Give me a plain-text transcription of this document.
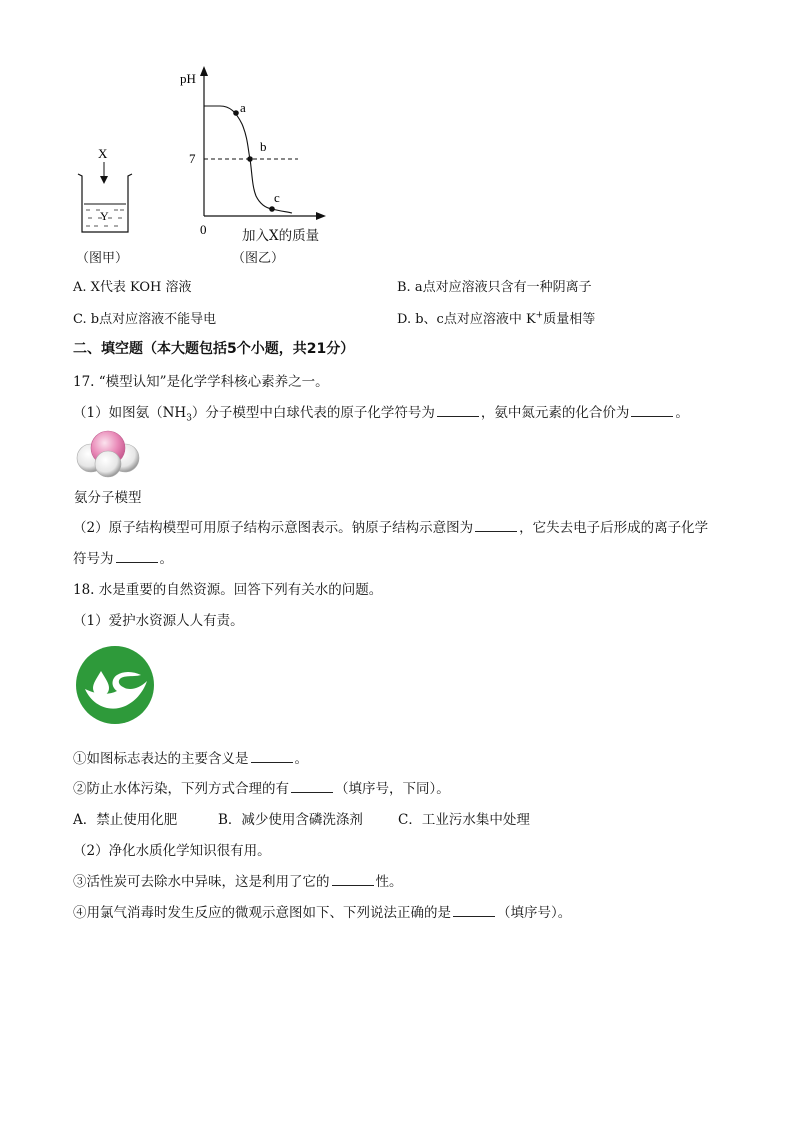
X
Y
（图甲）
pH
7
0
a
b
c
加入X的质量
（图乙）
A. X代表 KOH 溶液	B. a点对应溶液只含有一种阴离子
C. b点对应溶液不能导电	D. b、c点对应溶液中 K+质量相等
二、填空题（本大题包括5个小题，共21分）
17. “模型认知”是化学学科核心素养之一。
（1）如图氨$(NH_3)$分子模型中白球代表的原子化学符号为	，氨中氮元素的化合价为	。
氨分子模型
（2）原子结构模型可用原子结构示意图表示。钠原子结构示意图为	，它失去电子后形成的离子化学
符号为	。
18. 水是重要的自然资源。回答下列有关水的问题。
（1）爱护水资源人人有责。
①如图标志表达的主要含义是	。
②防止水体污染，下列方式合理的有	（填序号，下同）。
A．禁止使用化肥	B．减少使用含磷洗涤剂	C．工业污水集中处理
（2）净化水质化学知识很有用。
③活性炭可去除水中异味，这是利用了它的	性。
④用氯气消毒时发生反应的微观示意图如下、下列说法正确的是	（填序号）。
